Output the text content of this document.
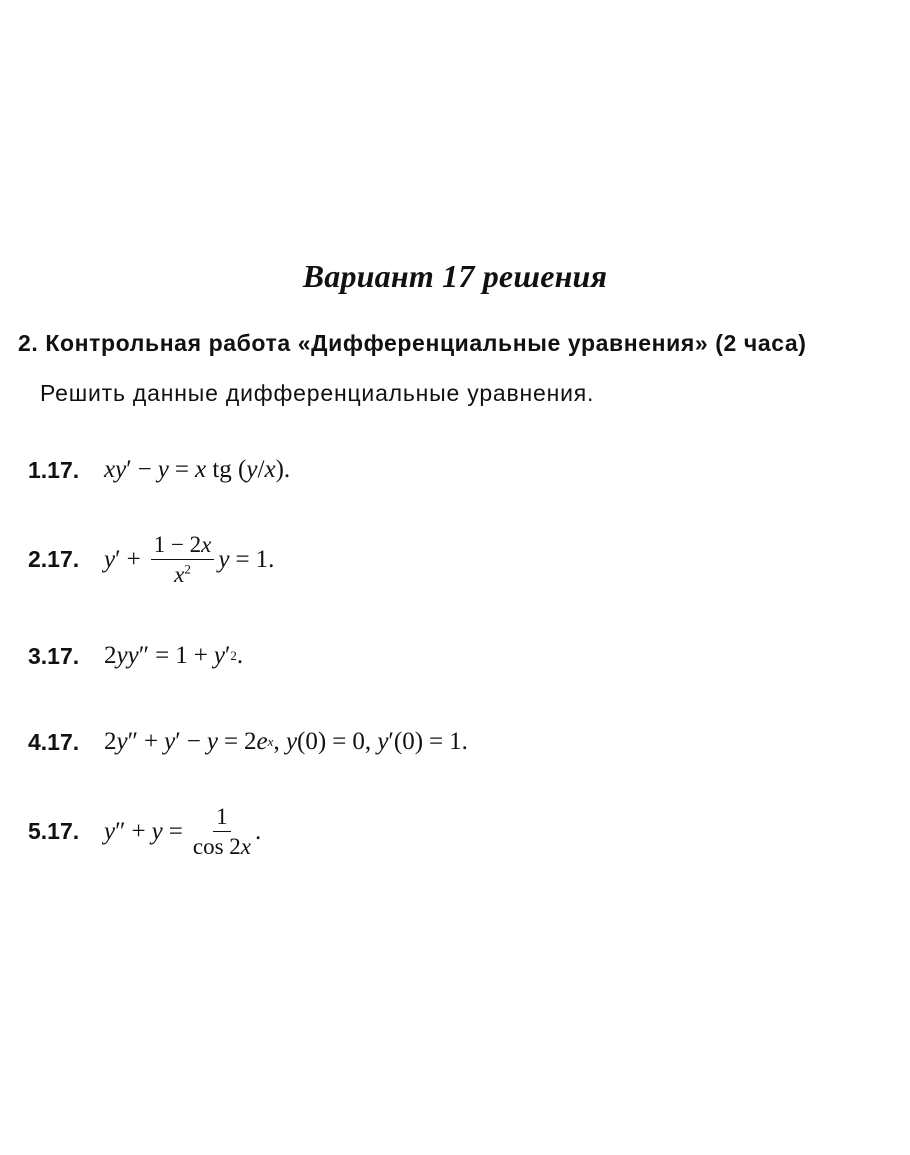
Вариант 17 решения
2. Контрольная работа «Дифференциальные уравнения» (2 часа)
Решить данные дифференциальные уравнения.
1.17. xy ′ − y = x tg ( y / x ).
2.17. y ′ + $\frac{1 - 2x}{x^2}$ y = 1.
3.17. 2 yy ″ = 1 + y ′ 2 .
4.17. 2 y ″ + y ′ − y = 2 e x , y (0) = 0, y ′(0) = 1.
5.17. y ″ + $y = \frac{1}{\cos 2x}$ .
